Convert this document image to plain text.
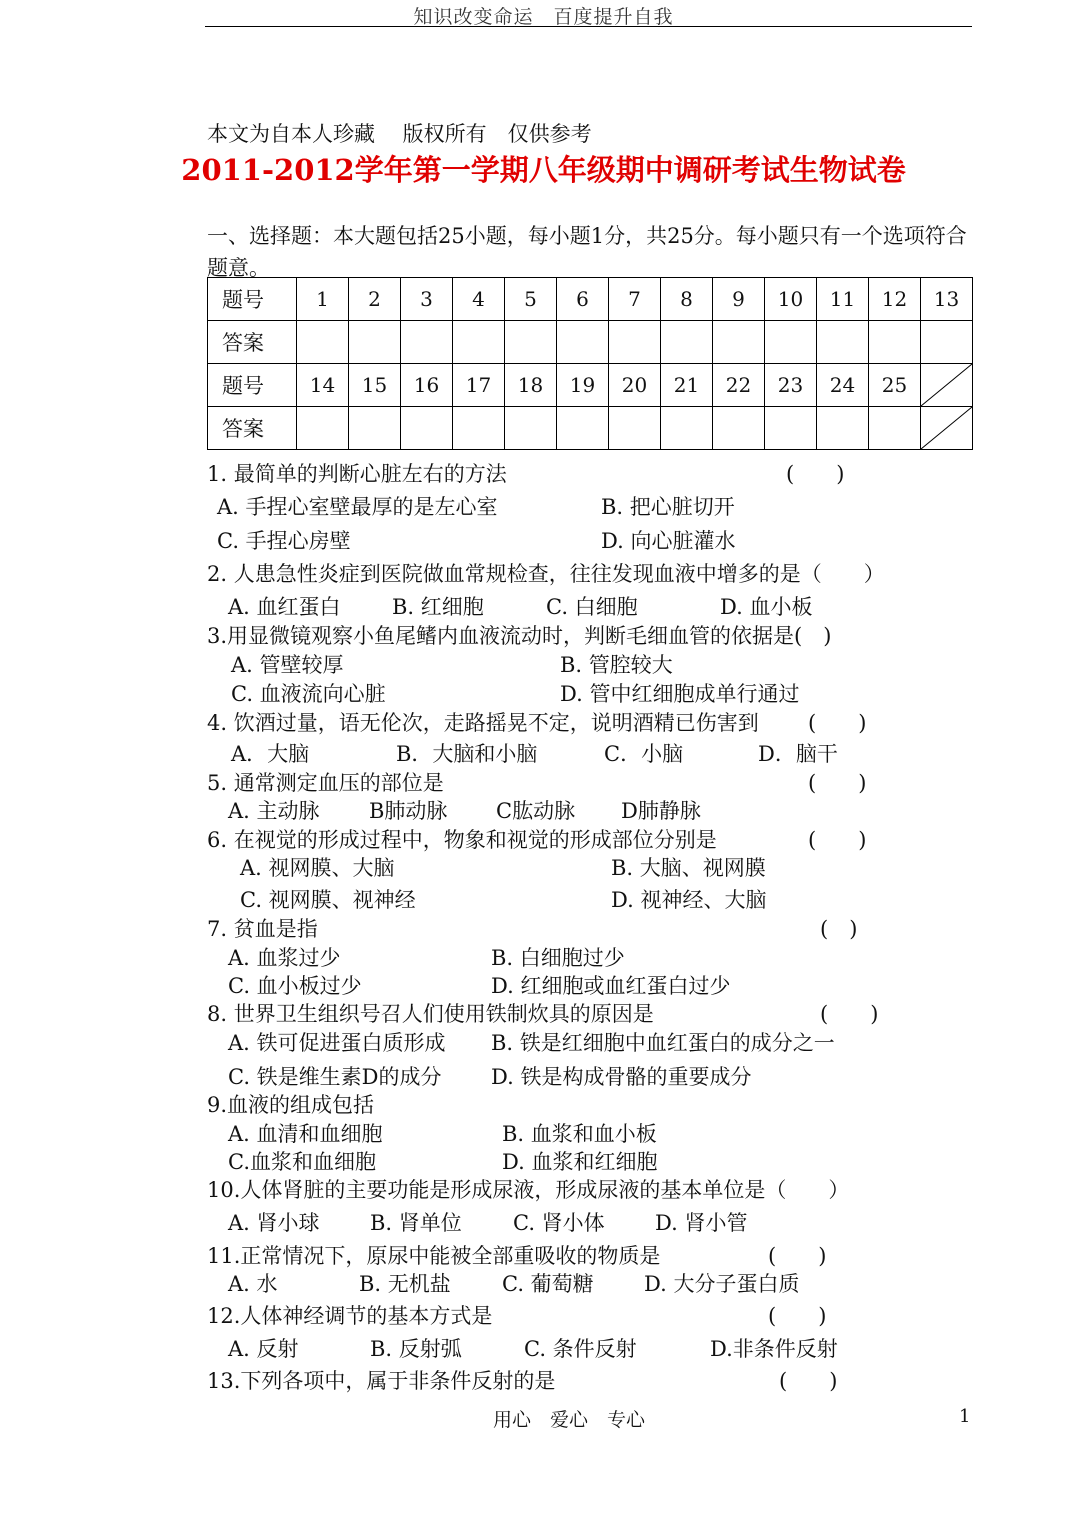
知识改变命运　百度提升自我
本文为自本人珍藏　 版权所有　仅供参考
2011-2012学年第一学期八年级期中调研考试生物试卷
一、选择题：本大题包括25小题，每小题1分，共25分。每小题只有一个选项符合题意。
题号	1	2	3	4	5	6	7	8	9	10	11	12	13
答案													
题号	14	15	16	17	18	19	20	21	22	23	24	25	

答案													
1. 最简单的判断心脏左右的方法	(　　)
A. 手捏心室壁最厚的是左心室	B. 把心脏切开
C. 手捏心房壁	D. 向心脏灌水
2. 人患急性炎症到医院做血常规检查，往往发现血液中增多的是（　　）
A. 血红蛋白 B. 红细胞	C. 白细胞	D. 血小板
3.用显微镜观察小鱼尾鳍内血液流动时，判断毛细血管的依据是(　)
A. 管壁较厚	B. 管腔较大
C. 血液流向心脏	D. 管中红细胞成单行通过
4. 饮酒过量，语无伦次，走路摇晃不定，说明酒精已伤害到 (　　)
A．大脑	B．大脑和小脑	C．小脑	D．脑干
5. 通常测定血压的部位是	(　　)
A. 主动脉 B肺动脉 C肱动脉 D肺静脉
6. 在视觉的形成过程中，物象和视觉的形成部位分别是	(　　)
A. 视网膜、大脑	B. 大脑、视网膜
C. 视网膜、视神经	D. 视神经、大脑
7. 贫血是指	(　)
A. 血浆过少	B. 白细胞过少
C. 血小板过少	D. 红细胞或血红蛋白过少
8. 世界卫生组织号召人们使用铁制炊具的原因是	(　　)
A. 铁可促进蛋白质形成 B. 铁是红细胞中血红蛋白的成分之一
C. 铁是维生素D的成分 D. 铁是构成骨骼的重要成分
9.血液的组成包括
A. 血清和血细胞	B. 血浆和血小板
C.血浆和血细胞	D. 血浆和红细胞
10.人体肾脏的主要功能是形成尿液，形成尿液的基本单位是（　　）
A. 肾小球 B. 肾单位 C. 肾小体 D. 肾小管
11.正常情况下，原尿中能被全部重吸收的物质是	(　　)
A. 水	B. 无机盐 C. 葡萄糖 D. 大分子蛋白质
12.人体神经调节的基本方式是	(　　)
A. 反射	B. 反射弧	C. 条件反射	D.非条件反射
13.下列各项中，属于非条件反射的是	(　　)
用心　爱心　专心	1
